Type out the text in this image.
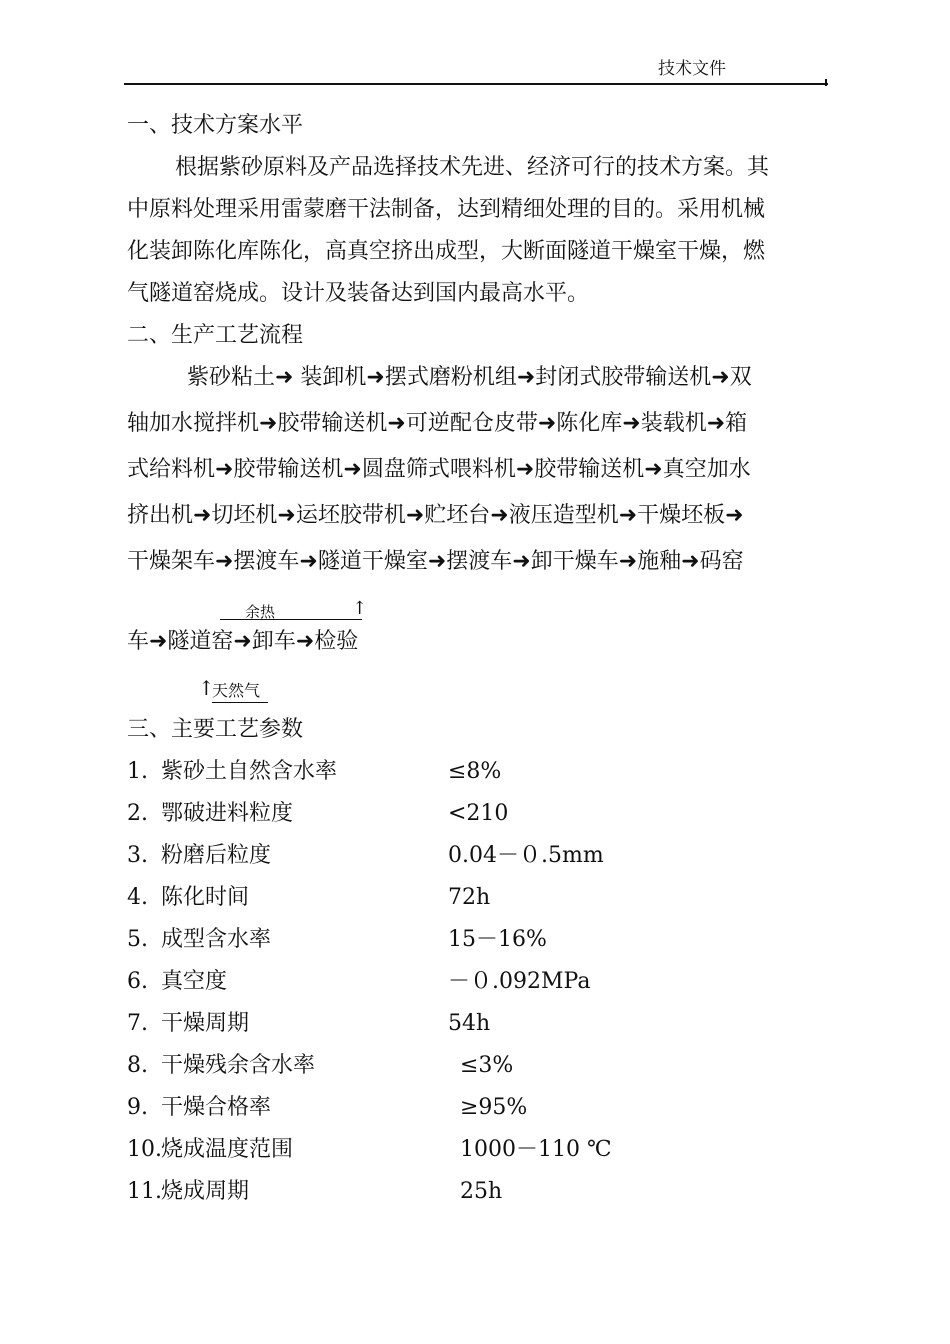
技术文件
一、技术方案水平
根据紫砂原料及产品选择技术先进、经济可行的技术方案。其
中原料处理采用雷蒙磨干法制备，达到精细处理的目的。采用机械
化装卸陈化库陈化，高真空挤出成型，大断面隧道干燥室干燥，燃
气隧道窑烧成。设计及装备达到国内最高水平。
二、生产工艺流程
紫砂粘土➜ 装卸机➜摆式磨粉机组➜封闭式胶带输送机➜双
轴加水搅拌机➜胶带输送机➜可逆配仓皮带➜陈化库➜装载机➜箱
式给料机➜胶带输送机➜圆盘筛式喂料机➜胶带输送机➜真空加水
挤出机➜切坯机➜运坯胶带机➜贮坯台➜液压造型机➜干燥坯板➜
干燥架车➜摆渡车➜隧道干燥室➜摆渡车➜卸干燥车➜施釉➜码窑
余热	↑
车➜隧道窑➜卸车➜检验
↑
天然气
三、主要工艺参数
1. 紫砂土自然含水率	≤8%
2. 鄂破进料粒度	<210
3. 粉磨后粒度	0.04－０.5mm
4. 陈化时间	72h
5. 成型含水率	15－16%
6. 真空度	－０.092MPa
7. 干燥周期	54h
8. 干燥残余含水率	≤3%
9. 干燥合格率	≥95%
10. 烧成温度范围	1000－110 ℃
11. 烧成周期	25h
